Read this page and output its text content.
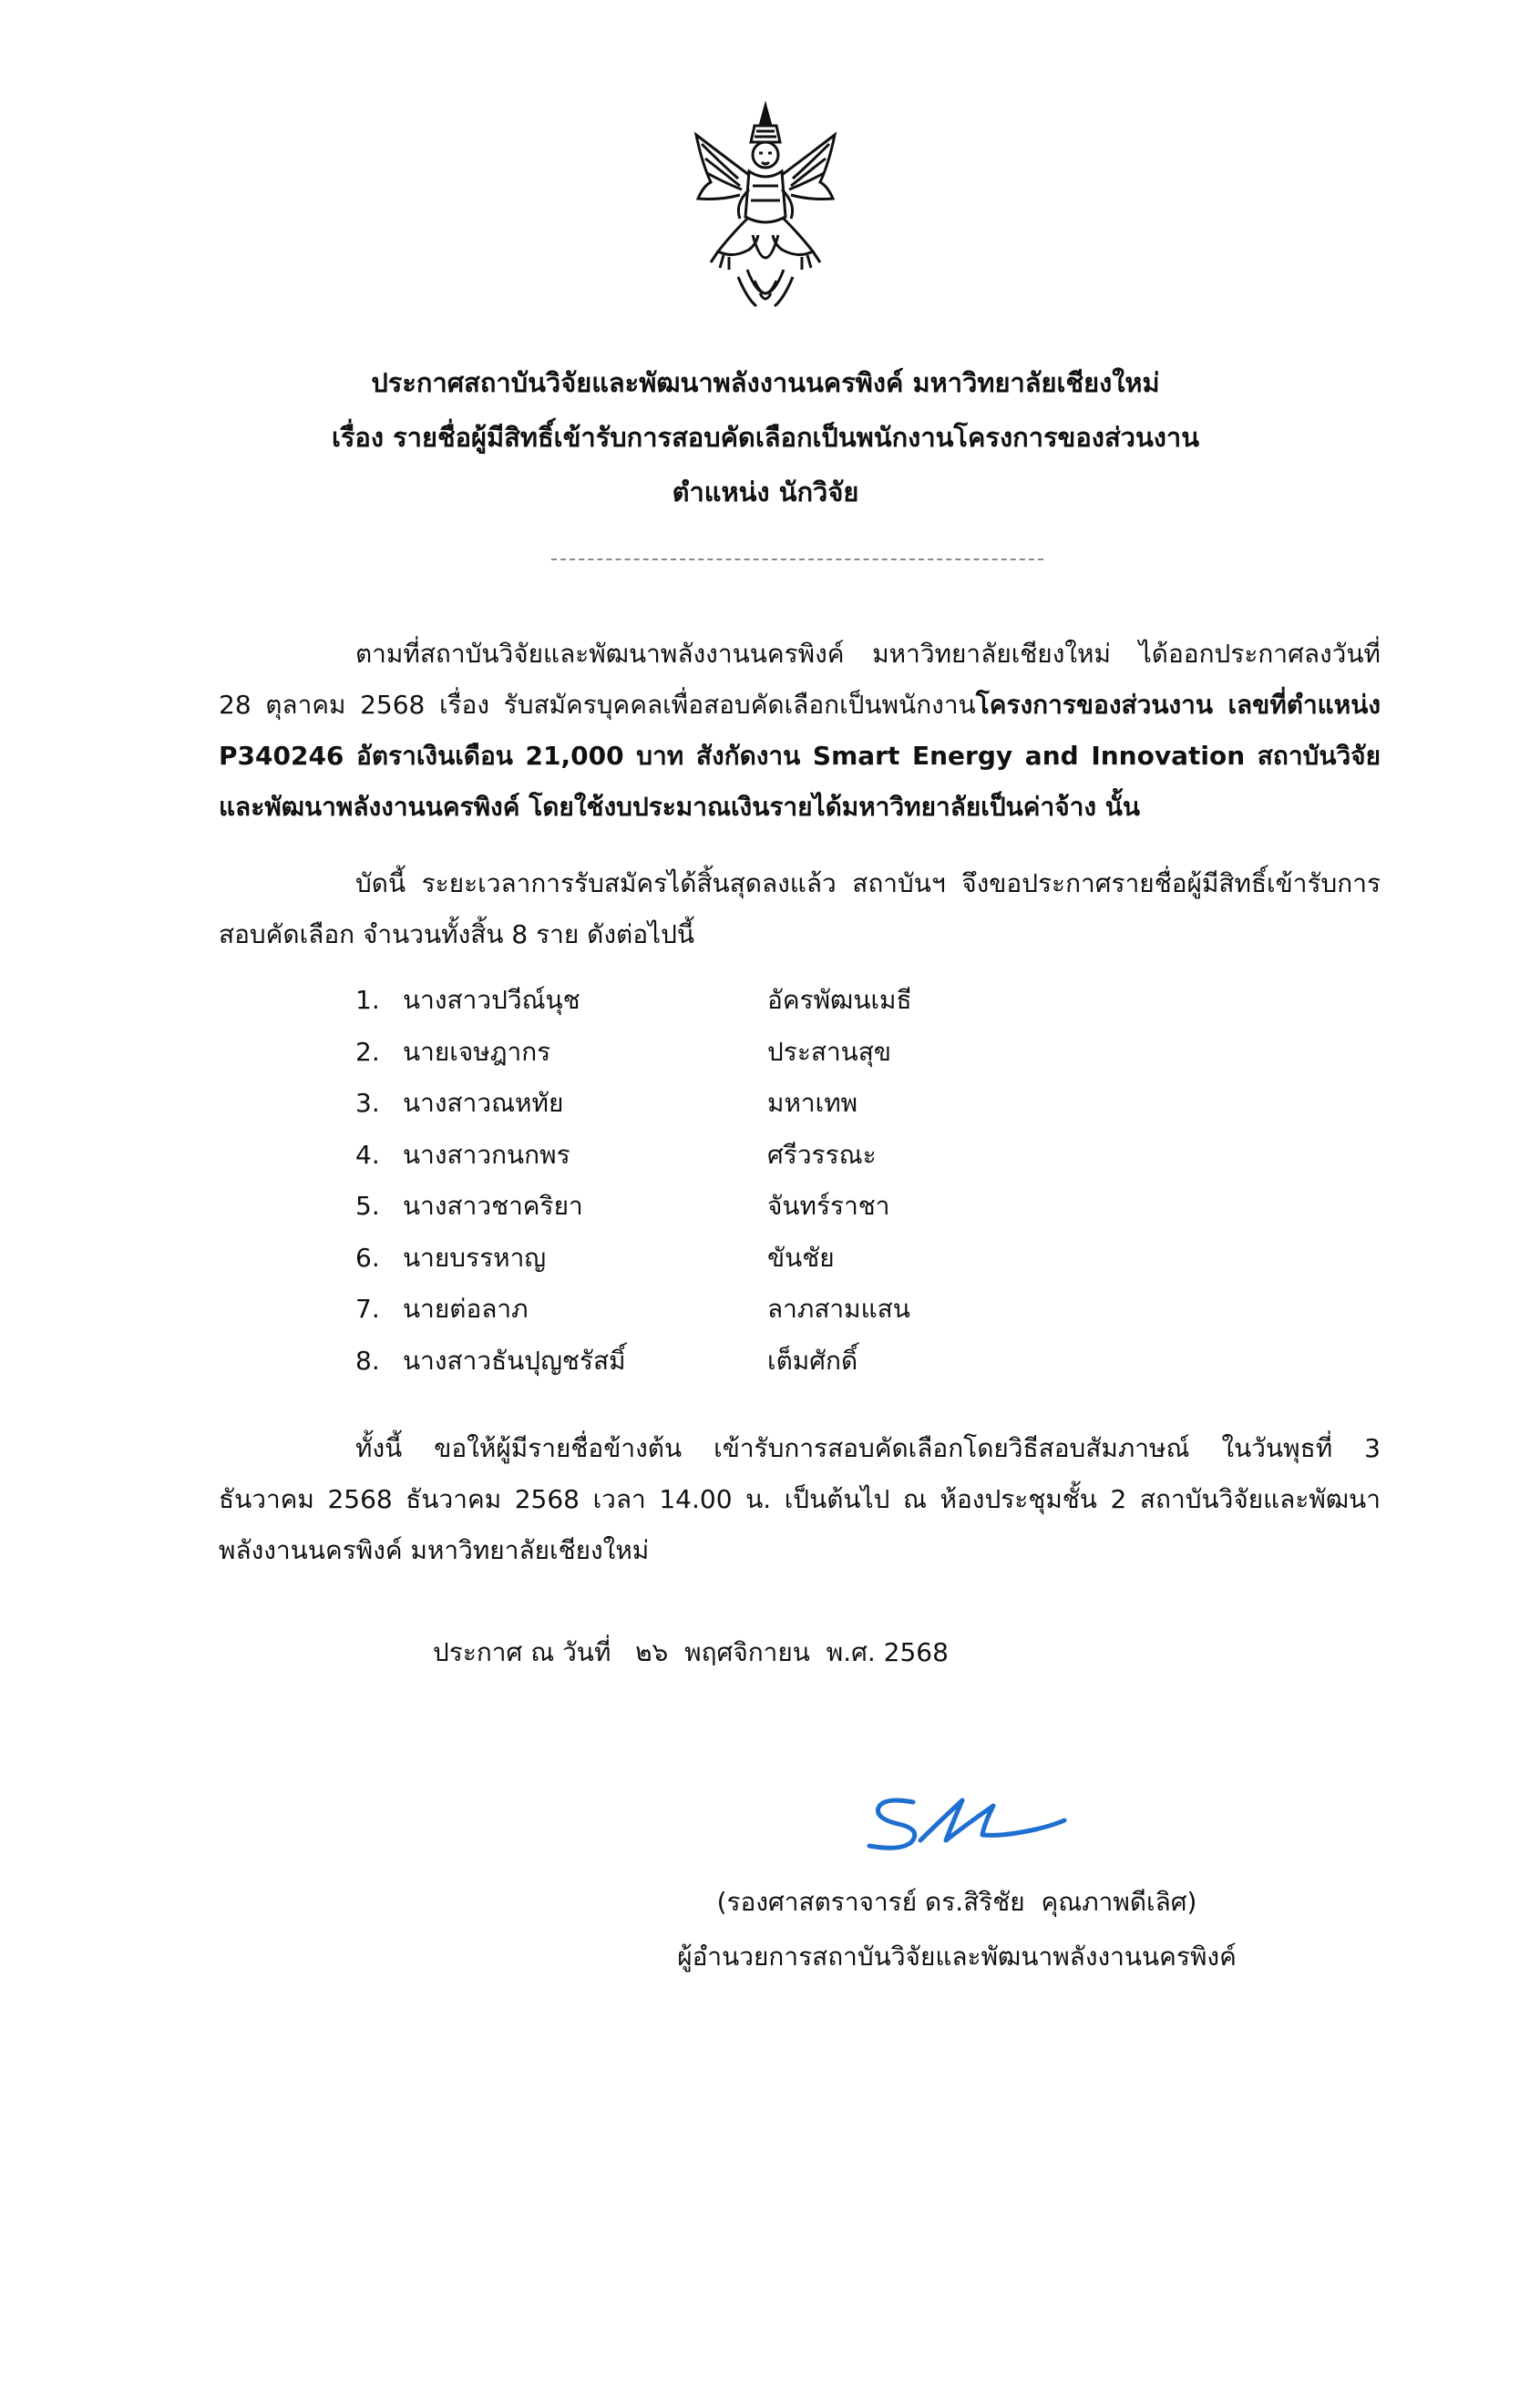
ประกาศสถาบันวิจัยและพัฒนาพลังงานนครพิงค์ มหาวิทยาลัยเชียงใหม่
เรื่อง รายชื่อผู้มีสิทธิ์เข้ารับการสอบคัดเลือกเป็นพนักงานโครงการของส่วนงาน
ตำแหน่ง นักวิจัย
ตามที่สถาบันวิจัยและพัฒนาพลังงานนครพิงค์ มหาวิทยาลัยเชียงใหม่ ได้ออกประกาศลงวันที่ 28 ตุลาคม 2568 เรื่อง รับสมัครบุคคลเพื่อสอบคัดเลือกเป็นพนักงานโครงการของส่วนงาน เลขที่ตำแหน่ง P340246 อัตราเงินเดือน 21,000 บาท สังกัดงาน Smart Energy and Innovation สถาบันวิจัยและพัฒนาพลังงานนครพิงค์ โดยใช้งบประมาณเงินรายได้มหาวิทยาลัยเป็นค่าจ้าง นั้น
บัดนี้ ระยะเวลาการรับสมัครได้สิ้นสุดลงแล้ว สถาบันฯ จึงขอประกาศรายชื่อผู้มีสิทธิ์เข้ารับการสอบคัดเลือก จำนวนทั้งสิ้น 8 ราย ดังต่อไปนี้
1. นางสาวปวีณ์นุช	อัครพัฒนเมธี
2. นายเจษฎากร	ประสานสุข
3. นางสาวณหทัย	มหาเทพ
4. นางสาวกนกพร	ศรีวรรณะ
5. นางสาวชาคริยา	จันทร์ราชา
6. นายบรรหาญ	ขันชัย
7. นายต่อลาภ	ลาภสามแสน
8. นางสาวธันปุญชรัสมิ์	เต็มศักดิ์
ทั้งนี้ ขอให้ผู้มีรายชื่อข้างต้น เข้ารับการสอบคัดเลือกโดยวิธีสอบสัมภาษณ์ ในวันพุธที่ 3 ธันวาคม 2568 ธันวาคม 2568 เวลา 14.00 น. เป็นต้นไป ณ ห้องประชุมชั้น 2 สถาบันวิจัยและพัฒนาพลังงานนครพิงค์ มหาวิทยาลัยเชียงใหม่
ประกาศ ณ วันที่   ๒๖  พฤศจิกายน  พ.ศ. 2568
(รองศาสตราจารย์ ดร.สิริชัย  คุณภาพดีเลิศ)
ผู้อำนวยการสถาบันวิจัยและพัฒนาพลังงานนครพิงค์
